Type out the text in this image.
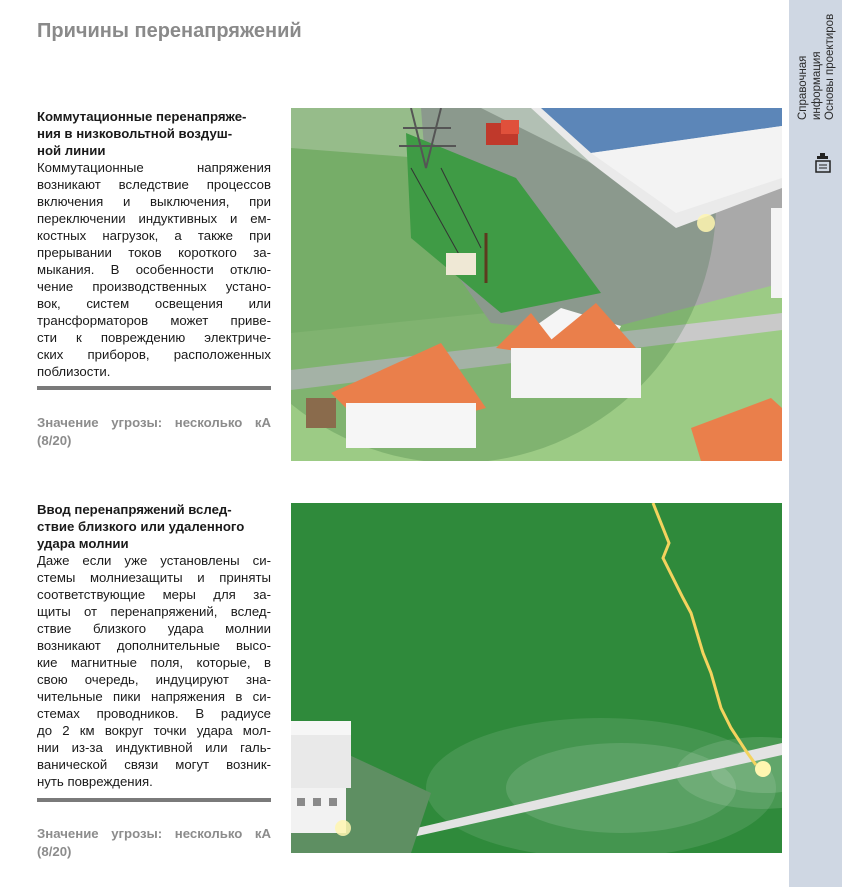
Причины перенапряжений
Коммутационные перенапряже-
ния в низковольтной воздуш-
ной линии
Коммутационные напряжения
возникают вследствие процессов
включения и выключения, при
переключении индуктивных и ем-
костных нагрузок, а также при
прерывании токов короткого за-
мыкания. В особенности отклю-
чение производственных устано-
вок, систем освещения или
трансформаторов может приве-
сти к повреждению электриче-
ских приборов, расположенных
поблизости.
Значение угрозы: несколько кА (8/20)
Ввод перенапряжений вслед-
ствие близкого или удаленного
удара молнии
Даже если уже установлены си-
стемы молниезащиты и приняты
соответствующие меры для за-
щиты от перенапряжений, вслед-
ствие близкого удара молнии
возникают дополнительные высо-
кие магнитные поля, которые, в
свою очередь, индуцируют зна-
чительные пики напряжения в си-
стемах проводников. В радиусе
до 2 км вокруг точки удара мол-
нии из-за индуктивной или галь-
ванической связи могут возник-
нуть повреждения.
Значение угрозы: несколько кА (8/20)
Справочная информация Основы проектиров
